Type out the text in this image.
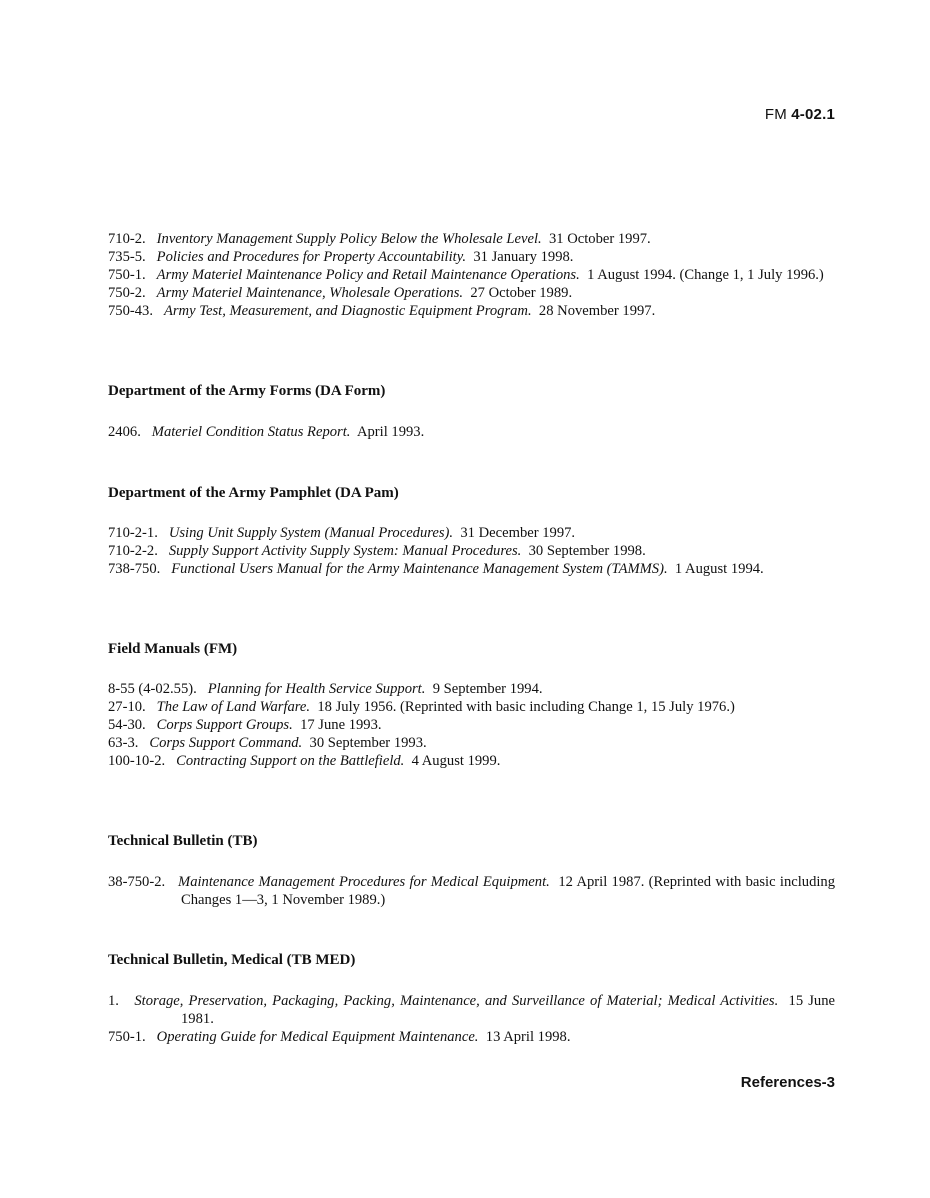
FM 4-02.1
710-2. Inventory Management Supply Policy Below the Wholesale Level. 31 October 1997.
735-5. Policies and Procedures for Property Accountability. 31 January 1998.
750-1. Army Materiel Maintenance Policy and Retail Maintenance Operations. 1 August 1994. (Change 1, 1 July 1996.)
750-2. Army Materiel Maintenance, Wholesale Operations. 27 October 1989.
750-43. Army Test, Measurement, and Diagnostic Equipment Program. 28 November 1997.
Department of the Army Forms (DA Form)
2406. Materiel Condition Status Report. April 1993.
Department of the Army Pamphlet (DA Pam)
710-2-1. Using Unit Supply System (Manual Procedures). 31 December 1997.
710-2-2. Supply Support Activity Supply System: Manual Procedures. 30 September 1998.
738-750. Functional Users Manual for the Army Maintenance Management System (TAMMS). 1 August 1994.
Field Manuals (FM)
8-55 (4-02.55). Planning for Health Service Support. 9 September 1994.
27-10. The Law of Land Warfare. 18 July 1956. (Reprinted with basic including Change 1, 15 July 1976.)
54-30. Corps Support Groups. 17 June 1993.
63-3. Corps Support Command. 30 September 1993.
100-10-2. Contracting Support on the Battlefield. 4 August 1999.
Technical Bulletin (TB)
38-750-2. Maintenance Management Procedures for Medical Equipment. 12 April 1987. (Reprinted with basic including Changes 1—3, 1 November 1989.)
Technical Bulletin, Medical (TB MED)
1. Storage, Preservation, Packaging, Packing, Maintenance, and Surveillance of Material; Medical Activities. 15 June 1981.
750-1. Operating Guide for Medical Equipment Maintenance. 13 April 1998.
References-3
